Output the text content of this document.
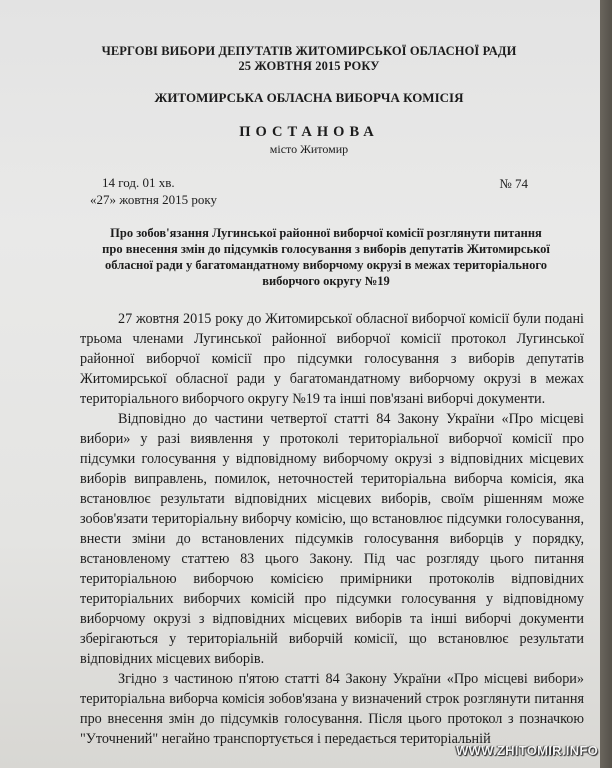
ЧЕРГОВІ ВИБОРИ ДЕПУТАТІВ ЖИТОМИРСЬКОЇ ОБЛАСНОЇ РАДИ
25 ЖОВТНЯ 2015 РОКУ
ЖИТОМИРСЬКА ОБЛАСНА ВИБОРЧА КОМІСІЯ
ПОСТАНОВА
місто Житомир
14 год. 01 хв.
«27» жовтня 2015 року
№ 74
Про зобов'язання Лугинської районної виборчої комісії розглянути питання про внесення змін до підсумків голосування з виборів депутатів Житомирської обласної ради у багатомандатному виборчому окрузі в межах територіального виборчого округу №19

27 жовтня 2015 року до Житомирської обласної виборчої комісії були подані трьома членами Лугинської районної виборчої комісії протокол Лугинської районної виборчої комісії про підсумки голосування з виборів депутатів Житомирської обласної ради у багатомандатному виборчому окрузі в межах територіального виборчого округу №19 та інші пов'язані виборчі документи.

Відповідно до частини четвертої статті 84 Закону України «Про місцеві вибори» у разі виявлення у протоколі територіальної виборчої комісії про підсумки голосування у відповідному виборчому окрузі з відповідних місцевих виборів виправлень, помилок, неточностей територіальна виборча комісія, яка встановлює результати відповідних місцевих виборів, своїм рішенням може зобов'язати територіальну виборчу комісію, що встановлює підсумки голосування, внести зміни до встановлених підсумків голосування виборців у порядку, встановленому статтею 83 цього Закону. Під час розгляду цього питання територіальною виборчою комісією примірники протоколів відповідних територіальних виборчих комісій про підсумки голосування у відповідному виборчому окрузі з відповідних місцевих виборів та інші виборчі документи зберігаються у територіальній виборчій комісії, що встановлює результати відповідних місцевих виборів.

Згідно з частиною п'ятою статті 84 Закону України «Про місцеві вибори» територіальна виборча комісія зобов'язана у визначений строк розглянути питання про внесення змін до підсумків голосування. Після цього протокол з позначкою "Уточнений" негайно транспортується і передається територіальній

WWW.ZHITOMIR.INFO
